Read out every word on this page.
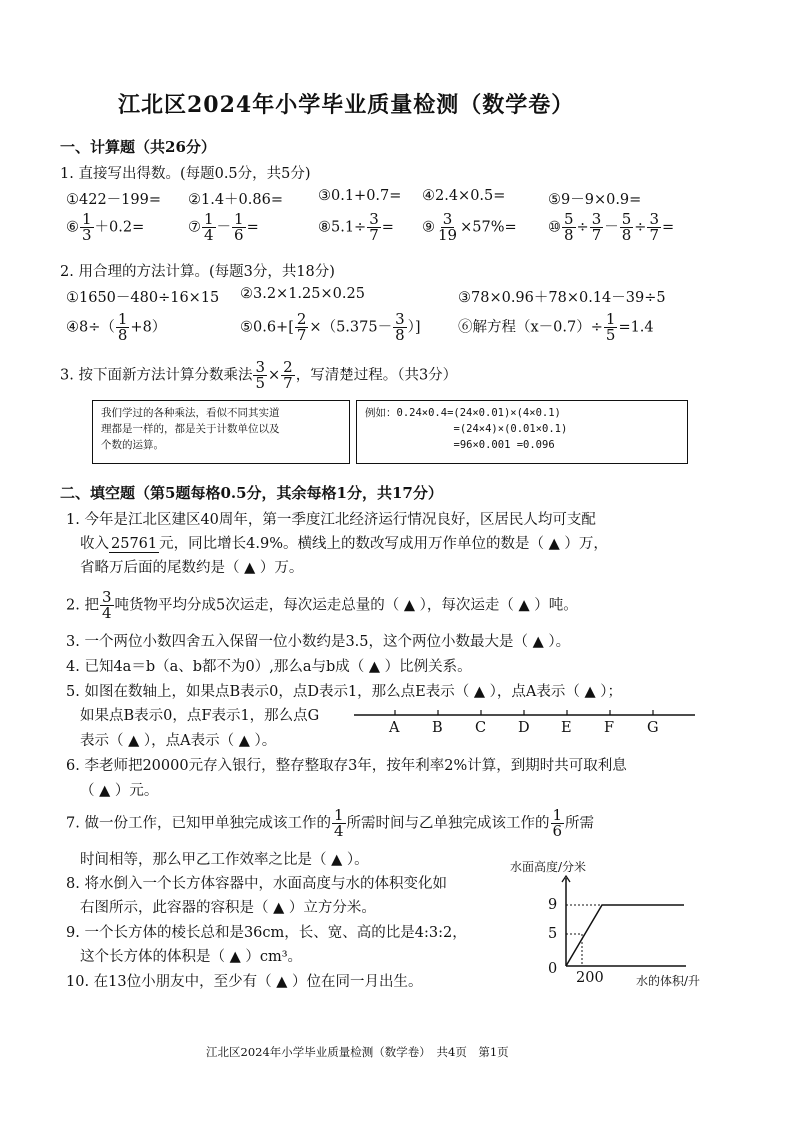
江北区2024年小学毕业质量检测（数学卷）
一、计算题（共26分）
1. 直接写出得数。(每题0.5分，共5分)
①422－199= ②1.4＋0.86= ③0.1+0.7= ④2.4×0.5=	⑤9－9×0.9=
⑥ $\frac{1}{3} +0.2=$	⑦ $\frac{1}{4} - \frac{1}{6}$ =	⑧5.1÷ $\frac{3}{7}$ = ⑨ $\frac{3}{19} \times 57\%=$ ⑩ $\frac{5}{8} \div \frac{3}{7} - \frac{5}{8} \div \frac{3}{7}$ =
2. 用合理的方法计算。(每题3分，共18分)
①1650－480÷16×15 ②3.2×1.25×0.25	③78×0.96＋78×0.14－39÷5
④8÷（ $\frac{1}{8} +8$）	⑤0.6+[ $\frac{2}{7} \times(5.375- \frac{3}{8}$ ）]	⑥解方程$(x-0.7)\div \frac{1}{5} =1.4$
3. 按下面新方法计算分数乘法 $\frac{3}{5} \times \frac{2}{7}$ ，写清楚过程。（共3分）
我们学过的各种乘法，看似不同其实道
理都是一样的，都是关于计数单位以及
个数的运算。
例如：0.24×0.4=(24×0.01)×(4×0.1)
=(24×4)×(0.01×0.1)
=96×0.001 =0.096
二、填空题（第5题每格0.5分，其余每格1分，共17分）
1. 今年是江北区建区40周年，第一季度江北经济运行情况良好，区居民人均可支配
收入 25761 元，同比增长4.9%。横线上的数改写成用万作单位的数是（ ▲ ）万，
省略万后面的尾数约是（ ▲ ）万。
2. 把 $\frac{3}{4}$ 吨货物平均分成5次运走，每次运走总量的（ ▲ ），每次运走（ ▲ ）吨。
3. 一个两位小数四舍五入保留一位小数约是3.5，这个两位小数最大是（ ▲ ）。
4. 已知4a＝b（a、b都不为0）,那么a与b成（ ▲ ）比例关系。
5. 如图在数轴上，如果点B表示0，点D表示1，那么点E表示（ ▲ ），点A表示（ ▲ ）；
如果点B表示0，点F表示1，那么点G
表示（ ▲ ），点A表示（ ▲ ）。
A B C D E F G
6. 李老师把20000元存入银行，整存整取存3年，按年利率2%计算，到期时共可取利息
（ ▲ ）元。
7. 做一份工作，已知甲单独完成该工作的 $\frac{1}{4}$ 所需时间与乙单独完成该工作的 $\frac{1}{6}$ 所需
时间相等，那么甲乙工作效率之比是（ ▲ ）。
8. 将水倒入一个长方体容器中，水面高度与水的体积变化如
右图所示，此容器的容积是（ ▲ ）立方分米。
9. 一个长方体的棱长总和是36cm，长、宽、高的比是4:3:2，
这个长方体的体积是（ ▲ ）cm³。
10. 在13位小朋友中，至少有（ ▲ ）位在同一月出生。
水面高度/分米
9
5
0
200	水的体积/升
江北区2024年小学毕业质量检测（数学卷）　共4页　第1页
